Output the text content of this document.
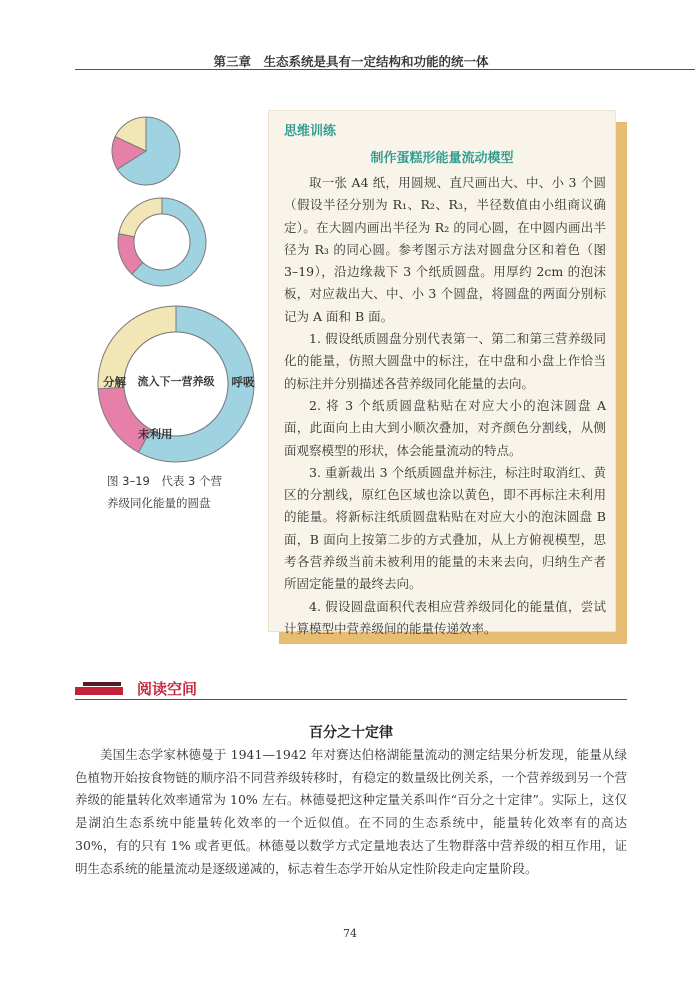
第三章　生态系统是具有一定结构和功能的统一体
分解 流入下一营养级 呼吸
未利用
图 3–19　代表 3 个营
养级同化能量的圆盘
思维训练
制作蛋糕形能量流动模型

取一张 A4 纸，用圆规、直尺画出大、中、小 3 个圆（假设半径分别为 R₁、R₂、R₃，半径数值由小组商议确定）。在大圆内画出半径为 R₂ 的同心圆，在中圆内画出半径为 R₃ 的同心圆。参考图示方法对圆盘分区和着色（图 3–19），沿边缘裁下 3 个纸质圆盘。用厚约 2cm 的泡沫板，对应裁出大、中、小 3 个圆盘，将圆盘的两面分别标记为 A 面和 B 面。

1. 假设纸质圆盘分别代表第一、第二和第三营养级同化的能量，仿照大圆盘中的标注，在中盘和小盘上作恰当的标注并分别描述各营养级同化能量的去向。

2. 将 3 个纸质圆盘粘贴在对应大小的泡沫圆盘 A 面，此面向上由大到小顺次叠加，对齐颜色分割线，从侧面观察模型的形状，体会能量流动的特点。

3. 重新裁出 3 个纸质圆盘并标注，标注时取消红、黄区的分割线，原红色区域也涂以黄色，即不再标注未利用的能量。将新标注纸质圆盘粘贴在对应大小的泡沫圆盘 B 面，B 面向上按第二步的方式叠加，从上方俯视模型，思考各营养级当前未被利用的能量的未来去向，归纳生产者所固定能量的最终去向。

4. 假设圆盘面积代表相应营养级同化的能量值，尝试计算模型中营养级间的能量传递效率。

阅读空间
百分之十定律
美国生态学家林德曼于 1941—1942 年对赛达伯格湖能量流动的测定结果分析发现，能量从绿色植物开始按食物链的顺序沿不同营养级转移时，有稳定的数量级比例关系，一个营养级到另一个营养级的能量转化效率通常为 10% 左右。林德曼把这种定量关系叫作“百分之十定律”。实际上，这仅是湖泊生态系统中能量转化效率的一个近似值。在不同的生态系统中，能量转化效率有的高达 30%，有的只有 1% 或者更低。林德曼以数学方式定量地表达了生物群落中营养级的相互作用，证明生态系统的能量流动是逐级递减的，标志着生态学开始从定性阶段走向定量阶段。
74
